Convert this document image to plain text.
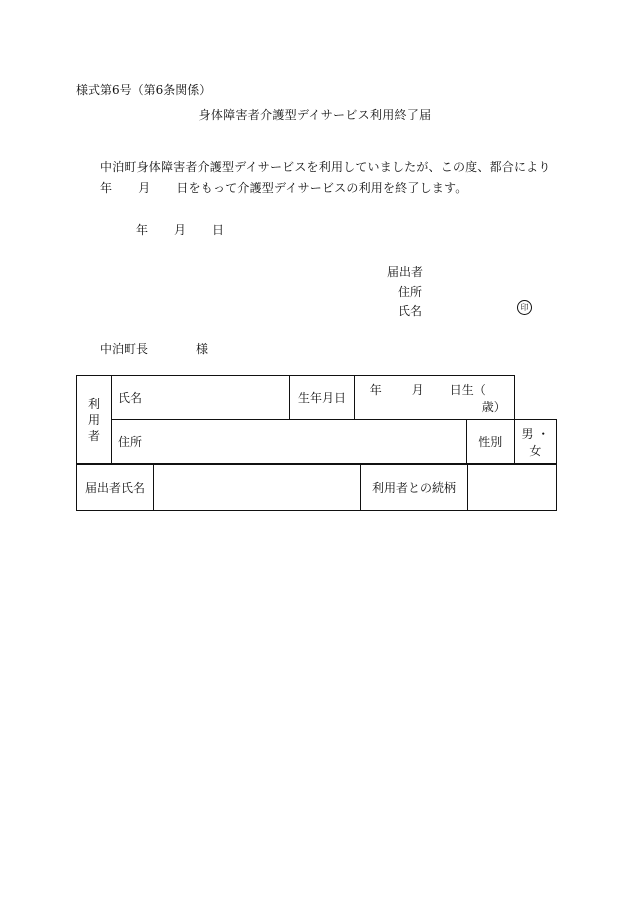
様式第6号（第6条関係）
身体障害者介護型デイサービス利用終了届
中泊町身体障害者介護型デイサービスを利用していましたが、この度、都合により
年 月 日をもって介護型デイサービスの利用を終了します。
年 月 日
届出者
住所
氏名	印
中泊町長	様
利
用
者	氏名	生年月日	年 月 日生（歳）		
	住所			性別	男 ・ 女
届出者氏名		利用者との続柄	
